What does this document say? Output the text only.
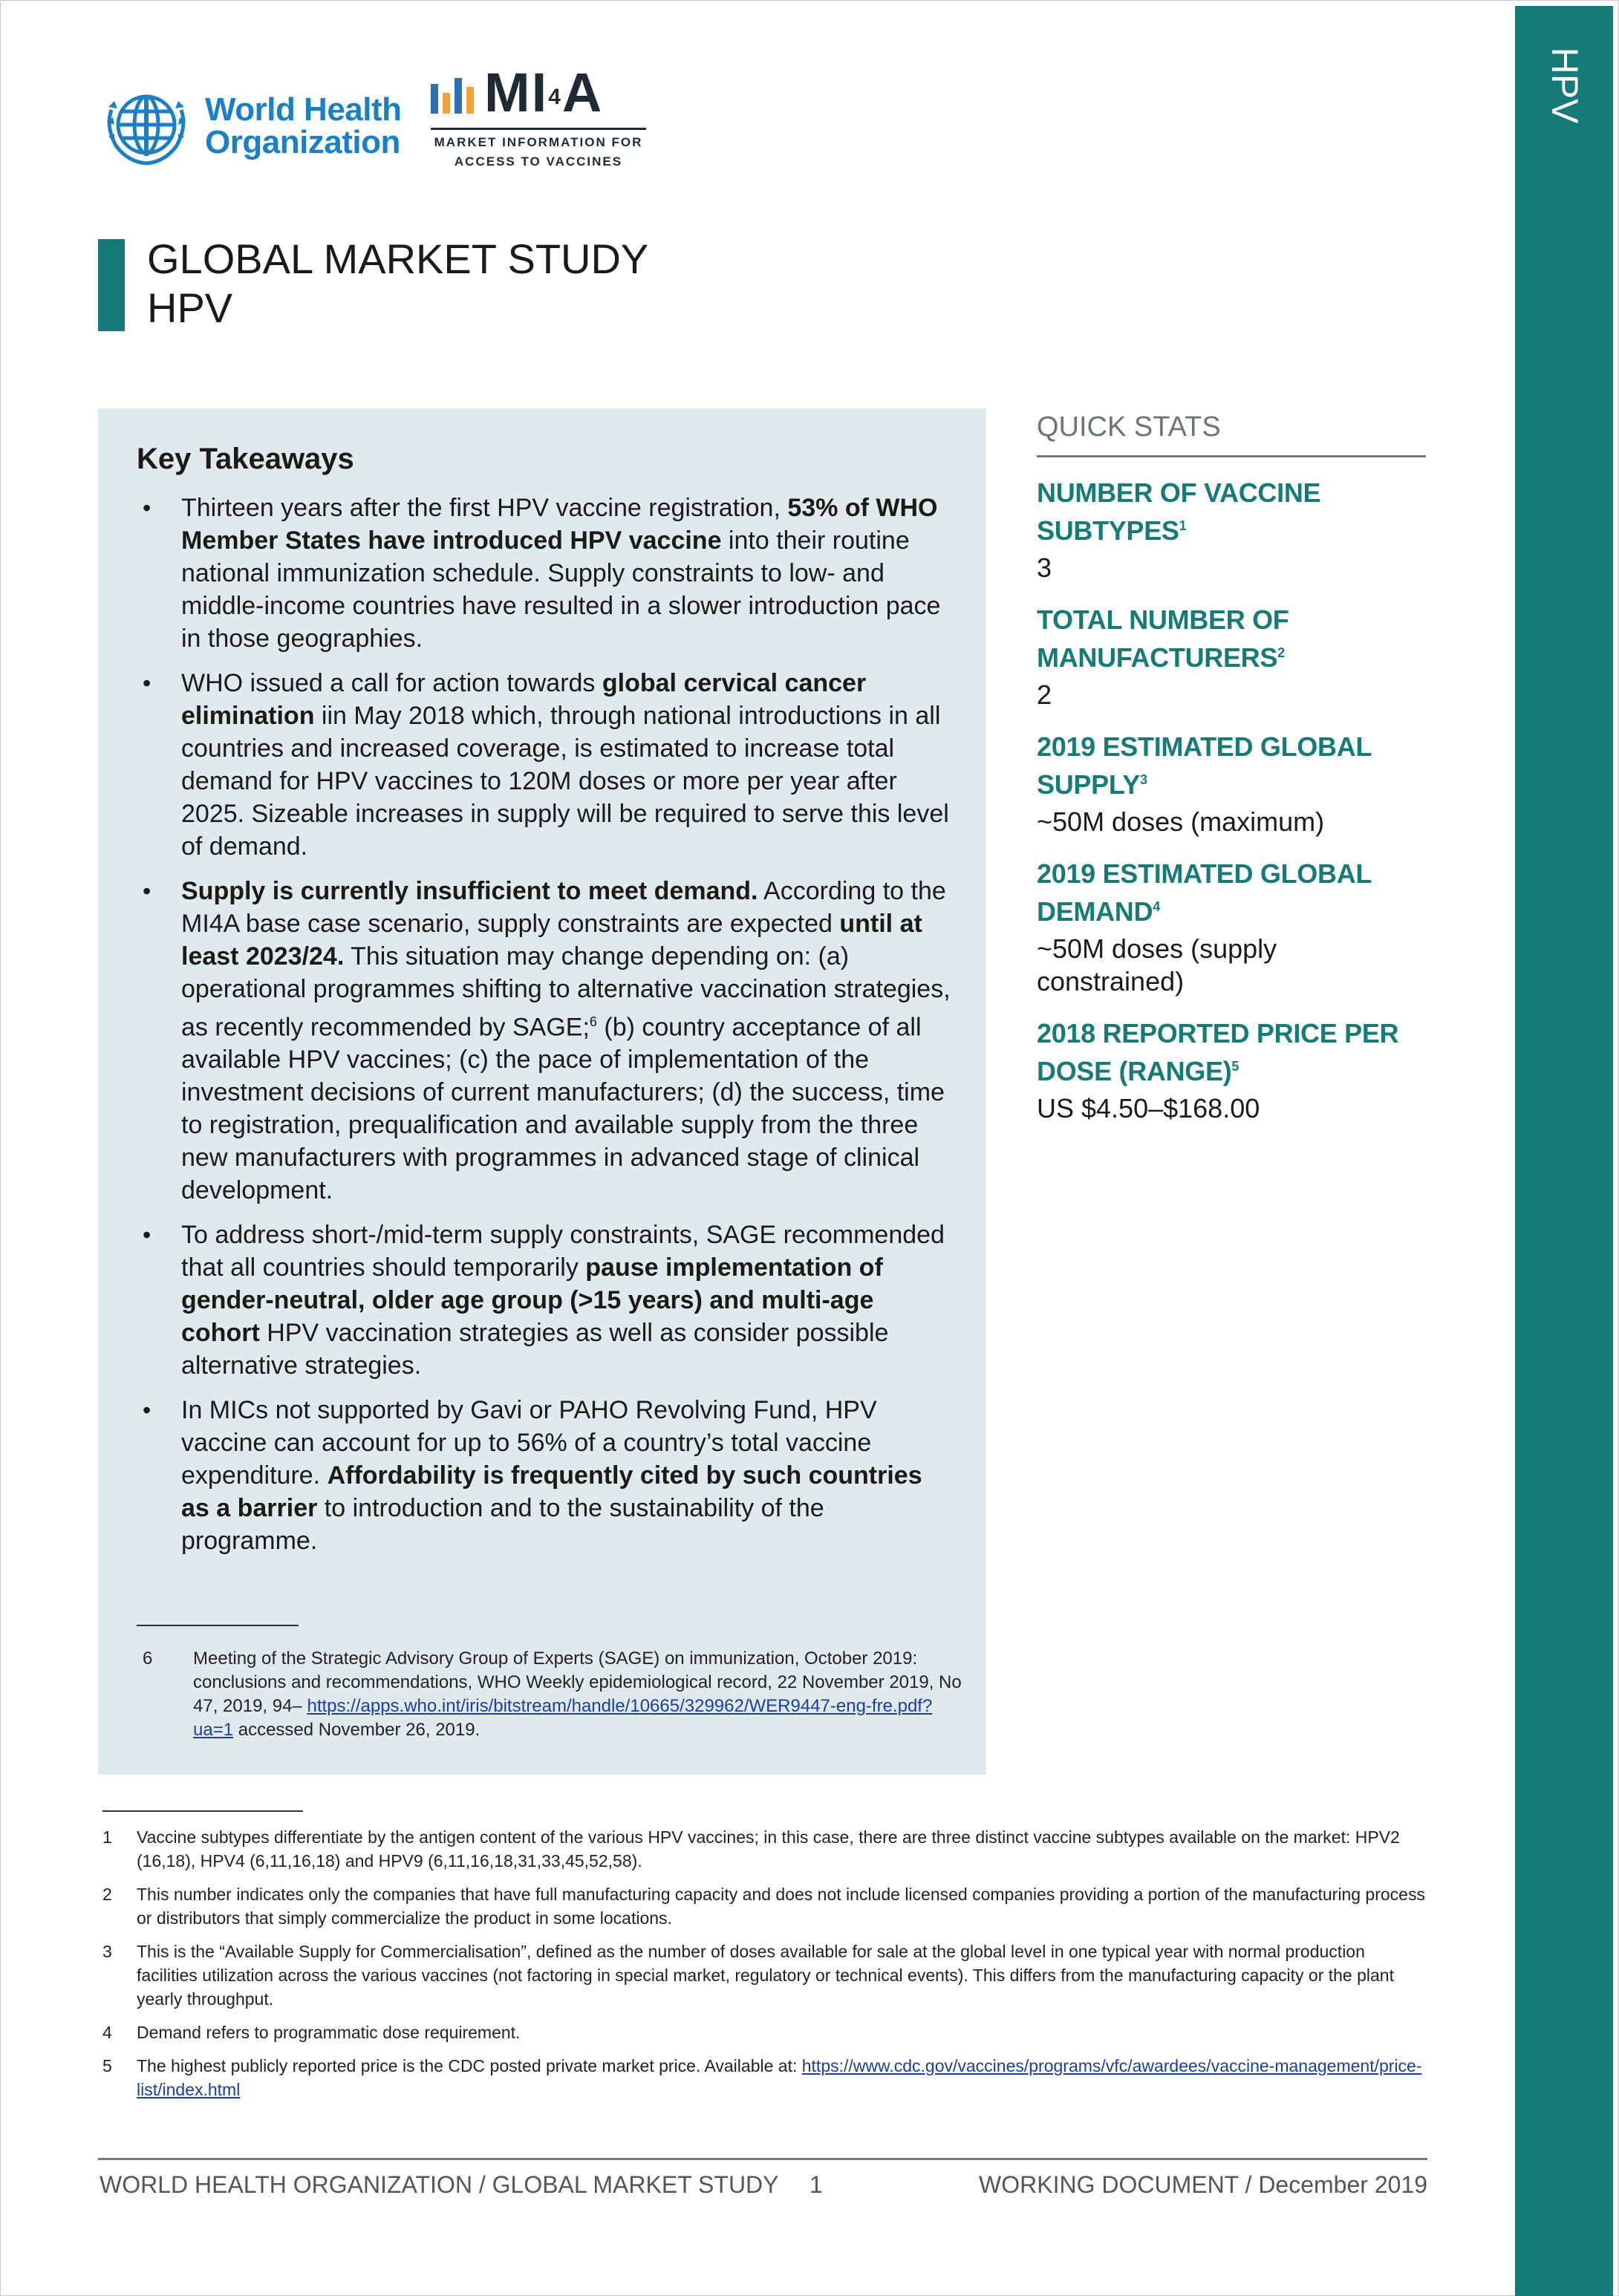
HPV
World Health
Organization
$MI^4A$
MARKET INFORMATION FOR
ACCESS TO VACCINES
GLOBAL MARKET STUDY
HPV
Key Takeaways
• Thirteen years after the first HPV vaccine registration, 53% of WHO Member States have introduced HPV vaccine into their routine national immunization schedule. Supply constraints to low- and middle-income countries have resulted in a slower introduction pace in those geographies.
• WHO issued a call for action towards global cervical cancer elimination iin May 2018 which, through national introductions in all countries and increased coverage, is estimated to increase total demand for HPV vaccines to 120M doses or more per year after 2025. Sizeable increases in supply will be required to serve this level of demand.
• Supply is currently insufficient to meet demand. According to the MI4A base case scenario, supply constraints are expected until at least 2023/24. This situation may change depending on: (a) operational programmes shifting to alternative vaccination strategies, as recently recommended by SAGE;$^6$ (b) country acceptance of all available HPV vaccines; (c) the pace of implementation of the investment decisions of current manufacturers; (d) the success, time to registration, prequalification and available supply from the three new manufacturers with programmes in advanced stage of clinical development.
• To address short-/mid-term supply constraints, SAGE recommended that all countries should temporarily pause implementation of gender-neutral, older age group (>15 years) and multi-age cohort HPV vaccination strategies as well as consider possible alternative strategies.
• In MICs not supported by Gavi or PAHO Revolving Fund, HPV vaccine can account for up to 56% of a country’s total vaccine expenditure. Affordability is frequently cited by such countries as a barrier to introduction and to the sustainability of the programme.
6 Meeting of the Strategic Advisory Group of Experts (SAGE) on immunization, October 2019: conclusions and recommendations, WHO Weekly epidemiological record, 22 November 2019, No 47, 2019, 94– https://apps.who.int/iris/bitstream/handle/10665/329962/WER9447-eng-fre.pdf?ua=1 accessed November 26, 2019.
QUICK STATS
NUMBER OF VACCINE SUBTYPES$^1$
3
TOTAL NUMBER OF MANUFACTURERS$^2$
2
2019 ESTIMATED GLOBAL SUPPLY$^3$
~50M doses (maximum)
2019 ESTIMATED GLOBAL DEMAND$^4$
~50M doses (supply constrained)
2018 REPORTED PRICE PER DOSE (RANGE)$^5$
US $4.50–$168.00
1 Vaccine subtypes differentiate by the antigen content of the various HPV vaccines; in this case, there are three distinct vaccine subtypes available on the market: HPV2 (16,18), HPV4 (6,11,16,18) and HPV9 (6,11,16,18,31,33,45,52,58).
2 This number indicates only the companies that have full manufacturing capacity and does not include licensed companies providing a portion of the manufacturing process or distributors that simply commercialize the product in some locations.
3 This is the “Available Supply for Commercialisation”, defined as the number of doses available for sale at the global level in one typical year with normal production facilities utilization across the various vaccines (not factoring in special market, regulatory or technical events). This differs from the manufacturing capacity or the plant yearly throughput.
4 Demand refers to programmatic dose requirement.
5 The highest publicly reported price is the CDC posted private market price. Available at: https://www.cdc.gov/vaccines/programs/vfc/awardees/vaccine-management/price-list/index.html
WORLD HEALTH ORGANIZATION / GLOBAL MARKET STUDY 1	WORKING DOCUMENT / December 2019
